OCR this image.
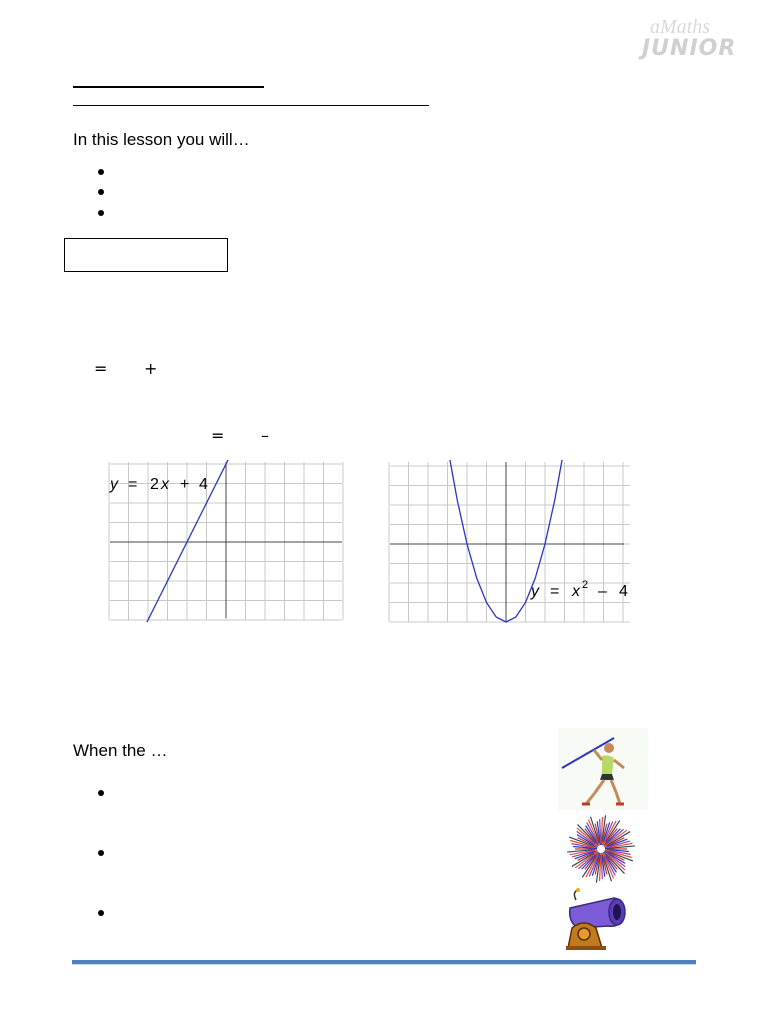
ɑMaths
JUNIOR
In this lesson you will…
= +
= –
y = 2 x + 4
y = x 2 – 4
When the …
